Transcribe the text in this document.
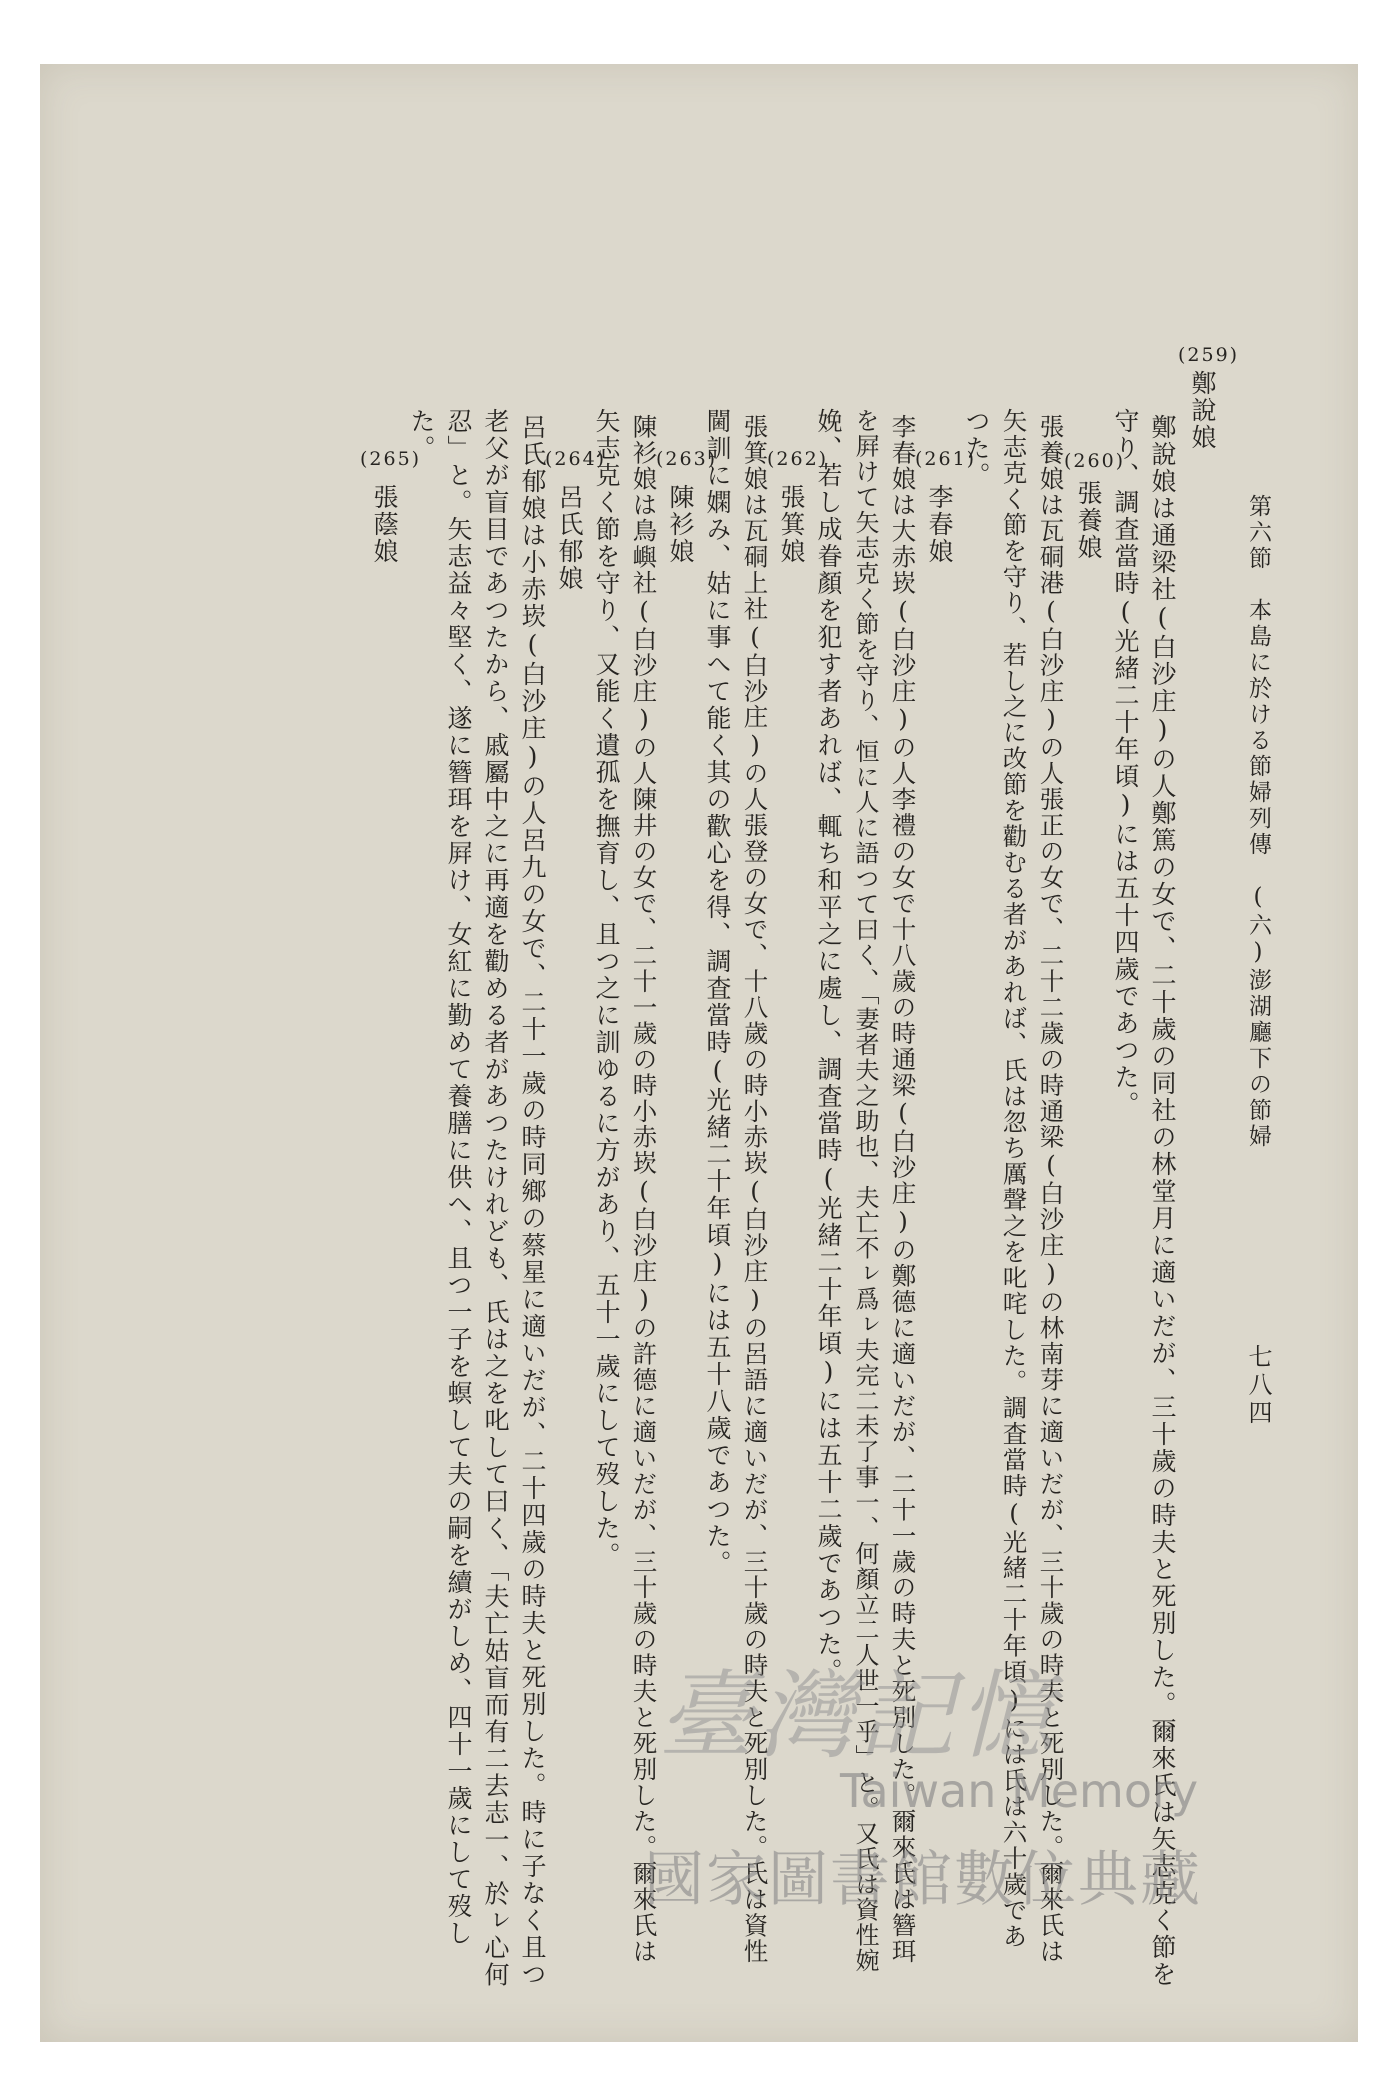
第六節　本島に於ける節婦列傳　(六)澎湖廳下の節婦
七八四
(259)
鄭說娘
鄭說娘は通梁社(白沙庄)の人鄭篤の女で、二十歲の同社の林堂月に適いだが、三十歲の時夫と死別した。爾來氏は矢志克く節を
守り、調査當時(光緒二十年頃)には五十四歲であつた。
(260)
張養娘
張養娘は瓦硐港(白沙庄)の人張正の女で、二十二歲の時通梁(白沙庄)の林南芽に適いだが、三十歲の時夫と死別した。爾來氏は
矢志克く節を守り、若し之に改節を勸むる者があれば、氏は忽ち厲聲之を叱咤した。調査當時(光緒二十年頃)には氏は六十歲であ
つた。
(261)
李春娘
李春娘は大赤崁(白沙庄)の人李禮の女で十八歲の時通梁(白沙庄)の鄭德に適いだが、二十一歲の時夫と死別した。爾來氏は簪珥
を屛けて矢志克く節を守り、恒に人に語つて曰く、「妻者夫之助也、夫亡不ㇾ爲ㇾ夫完二未了事一、何顏立二人世一乎」と。又氏は資性婉
娩、若し成眷顏を犯す者あれば、輒ち和平之に處し、調査當時(光緒二十年頃)には五十二歲であつた。
(262)
張箕娘
張箕娘は瓦硐上社(白沙庄)の人張登の女で、十八歲の時小赤崁(白沙庄)の呂語に適いだが、三十歲の時夫と死別した。氏は資性
閫訓に嫻み、姑に事へて能く其の歡心を得、調査當時(光緒二十年頃)には五十八歲であつた。
(263)
陳衫娘
陳衫娘は鳥嶼社(白沙庄)の人陳井の女で、二十一歲の時小赤崁(白沙庄)の許德に適いだが、三十歲の時夫と死別した。爾來氏は
矢志克く節を守り、又能く遺孤を撫育し、且つ之に訓ゆるに方があり、五十一歲にして歿した。
(264)
呂氏郁娘
呂氏郁娘は小赤崁(白沙庄)の人呂九の女で、二十一歲の時同鄉の蔡星に適いだが、二十四歲の時夫と死別した。時に子なく且つ
老父が盲目であつたから、戚屬中之に再適を勸める者があつたけれども、氏は之を叱して曰く、「夫亡姑盲而有二去志一、於ㇾ心何
忍」と。矢志益々堅く、遂に簪珥を屛け、女紅に勤めて養膳に供へ、且つ一子を螟して夫の嗣を續がしめ、四十一歲にして歿し
た。
(265)
張蔭娘
臺灣記憶
Taiwan Memory
國家圖書館數位典藏
